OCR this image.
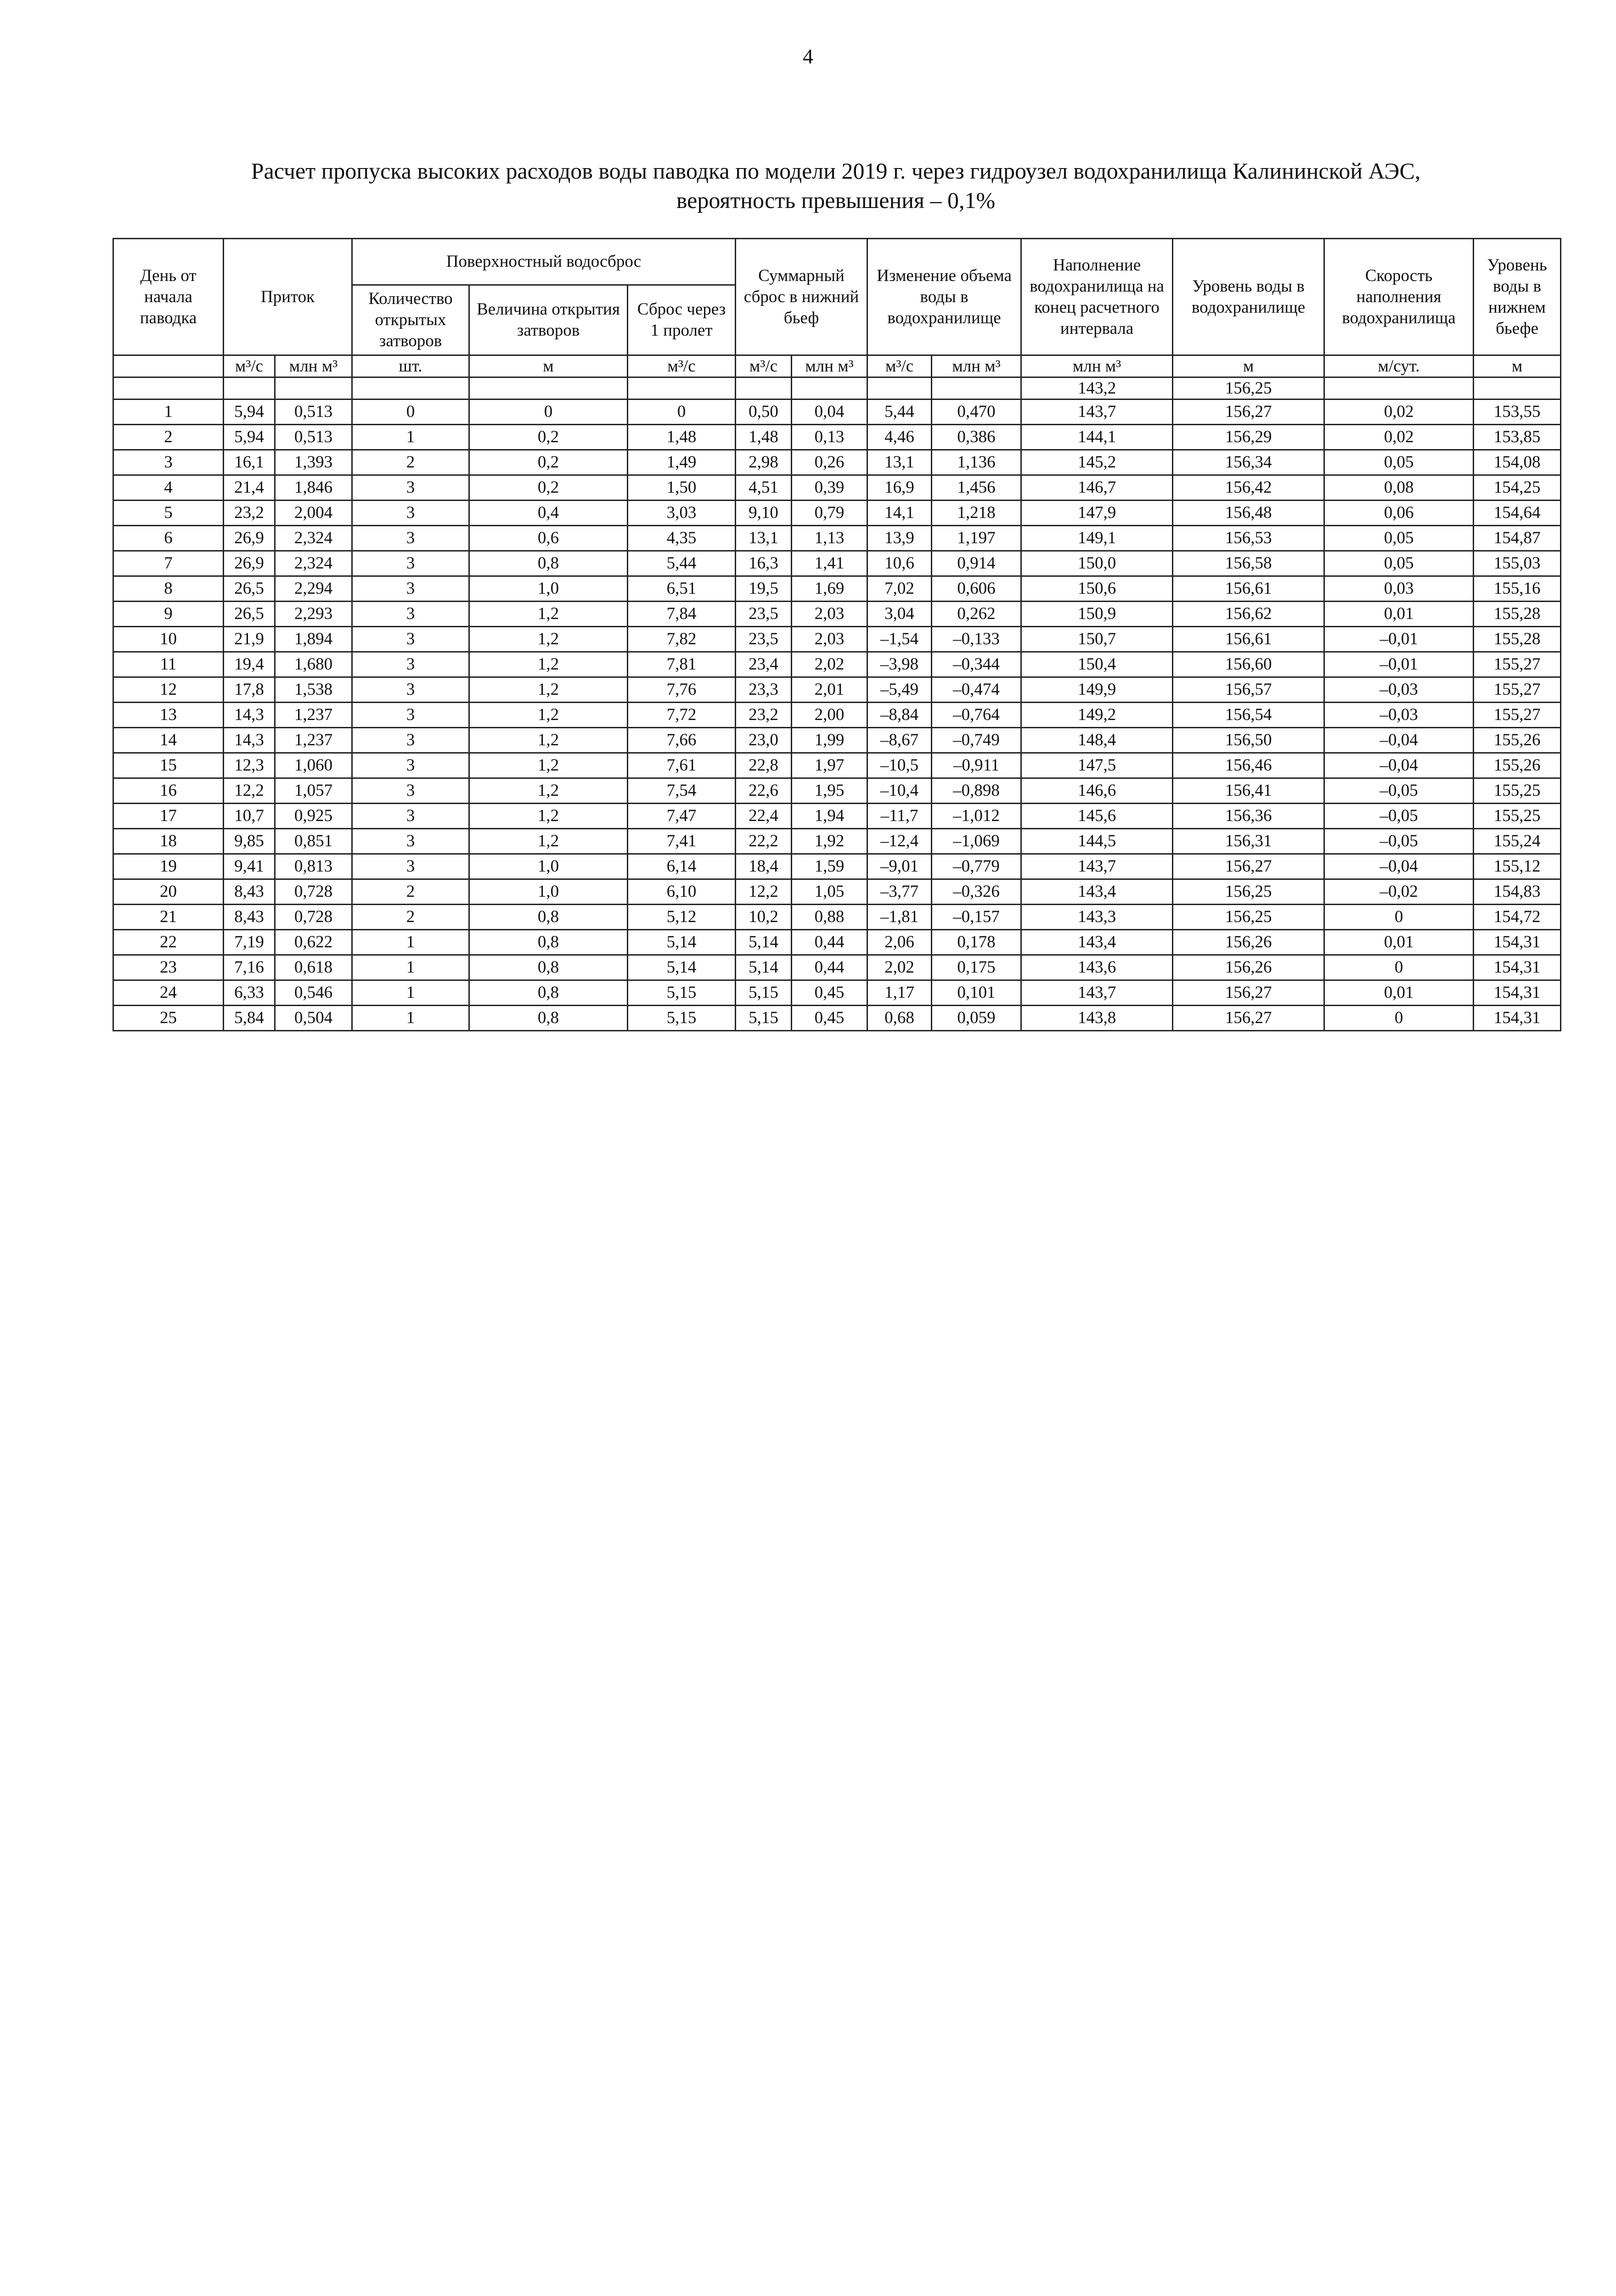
4
Расчет пропуска высоких расходов воды паводка по модели 2019 г. через гидроузел водохранилища Калининской АЭС,
вероятность превышения – 0,1%
День от начала паводка	Приток		Поверхностный водосброс			Суммарный сброс в нижний бьеф		Изменение объема воды в водохранилище		Наполнение водохранилища на конец расчетного интервала	Уровень воды в водохранилище	Скорость наполнения водохранилища	Уровень воды в нижнем бьефе
			Количество открытых затворов	Величина открытия затворов	Сброс через 1 пролет								
	м³/с	млн м³	шт.	м	м³/с	м³/с	млн м³	м³/с	млн м³	млн м³	м	м/сут.	м
										143,2	156,25		
1	5,94	0,513	0	0	0	0,50	0,04	5,44	0,470	143,7	156,27	0,02	153,55
2	5,94	0,513	1	0,2	1,48	1,48	0,13	4,46	0,386	144,1	156,29	0,02	153,85
3	16,1	1,393	2	0,2	1,49	2,98	0,26	13,1	1,136	145,2	156,34	0,05	154,08
4	21,4	1,846	3	0,2	1,50	4,51	0,39	16,9	1,456	146,7	156,42	0,08	154,25
5	23,2	2,004	3	0,4	3,03	9,10	0,79	14,1	1,218	147,9	156,48	0,06	154,64
6	26,9	2,324	3	0,6	4,35	13,1	1,13	13,9	1,197	149,1	156,53	0,05	154,87
7	26,9	2,324	3	0,8	5,44	16,3	1,41	10,6	0,914	150,0	156,58	0,05	155,03
8	26,5	2,294	3	1,0	6,51	19,5	1,69	7,02	0,606	150,6	156,61	0,03	155,16
9	26,5	2,293	3	1,2	7,84	23,5	2,03	3,04	0,262	150,9	156,62	0,01	155,28
10	21,9	1,894	3	1,2	7,82	23,5	2,03	–1,54	–0,133	150,7	156,61	–0,01	155,28
11	19,4	1,680	3	1,2	7,81	23,4	2,02	–3,98	–0,344	150,4	156,60	–0,01	155,27
12	17,8	1,538	3	1,2	7,76	23,3	2,01	–5,49	–0,474	149,9	156,57	–0,03	155,27
13	14,3	1,237	3	1,2	7,72	23,2	2,00	–8,84	–0,764	149,2	156,54	–0,03	155,27
14	14,3	1,237	3	1,2	7,66	23,0	1,99	–8,67	–0,749	148,4	156,50	–0,04	155,26
15	12,3	1,060	3	1,2	7,61	22,8	1,97	–10,5	–0,911	147,5	156,46	–0,04	155,26
16	12,2	1,057	3	1,2	7,54	22,6	1,95	–10,4	–0,898	146,6	156,41	–0,05	155,25
17	10,7	0,925	3	1,2	7,47	22,4	1,94	–11,7	–1,012	145,6	156,36	–0,05	155,25
18	9,85	0,851	3	1,2	7,41	22,2	1,92	–12,4	–1,069	144,5	156,31	–0,05	155,24
19	9,41	0,813	3	1,0	6,14	18,4	1,59	–9,01	–0,779	143,7	156,27	–0,04	155,12
20	8,43	0,728	2	1,0	6,10	12,2	1,05	–3,77	–0,326	143,4	156,25	–0,02	154,83
21	8,43	0,728	2	0,8	5,12	10,2	0,88	–1,81	–0,157	143,3	156,25	0	154,72
22	7,19	0,622	1	0,8	5,14	5,14	0,44	2,06	0,178	143,4	156,26	0,01	154,31
23	7,16	0,618	1	0,8	5,14	5,14	0,44	2,02	0,175	143,6	156,26	0	154,31
24	6,33	0,546	1	0,8	5,15	5,15	0,45	1,17	0,101	143,7	156,27	0,01	154,31
25	5,84	0,504	1	0,8	5,15	5,15	0,45	0,68	0,059	143,8	156,27	0	154,31
